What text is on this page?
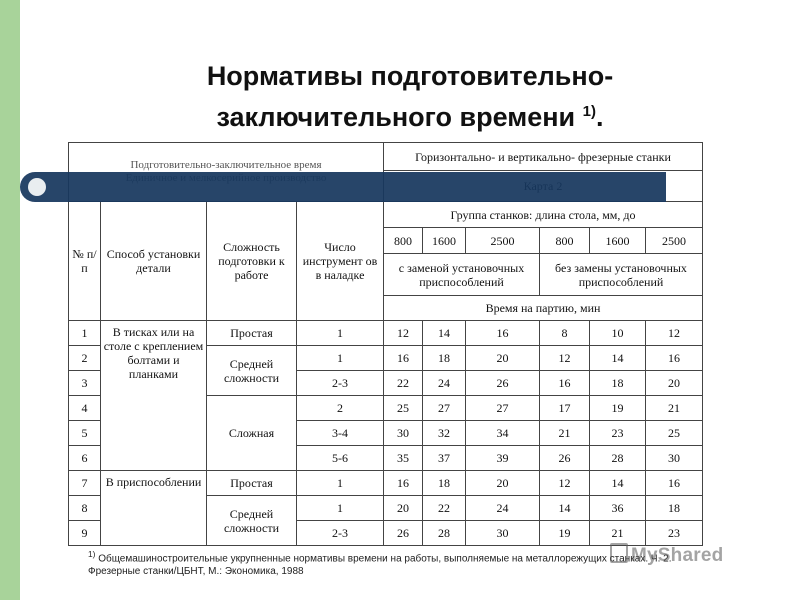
Нормативы подготовительно-
заключительного времени $^{1)}$.
Подготовительно-заключительное время				Горизонтально- и вертикально- фрезерные станки					

№ п/п	Способ установки детали	Сложность подготовки к работе	Число инструмент ов в наладке	Группа станков: длина стола, мм, до					
				800	1600	2500	800	1600	2500
				с заменой установочных приспособлений			без замены установочных приспособлений		
				Время на партию, мин					
1	В тисках или на столе с креплением болтами и планками	Простая	1	12	14	16	8	10	12
2		Средней сложности	1	16	18	20	12	14	16
3			2-3	22	24	26	16	18	20
4		Сложная	2	25	27	27	17	19	21
5			3-4	30	32	34	21	23	25
6			5-6	35	37	39	26	28	30
7	В приспособлении	Простая	1	16	18	20	12	14	16
8		Средней сложности	1	20	22	24	14	36	18
9			2-3	26	28	30	19	21	23
$^{1)}$ Общемашиностроительные укрупненные нормативы времени на работы, выполняемые на металлорежущих станках. Ч. 2.
Фрезерные станки/ЦБНТ, М.: Экономика, 1988
MyShared
